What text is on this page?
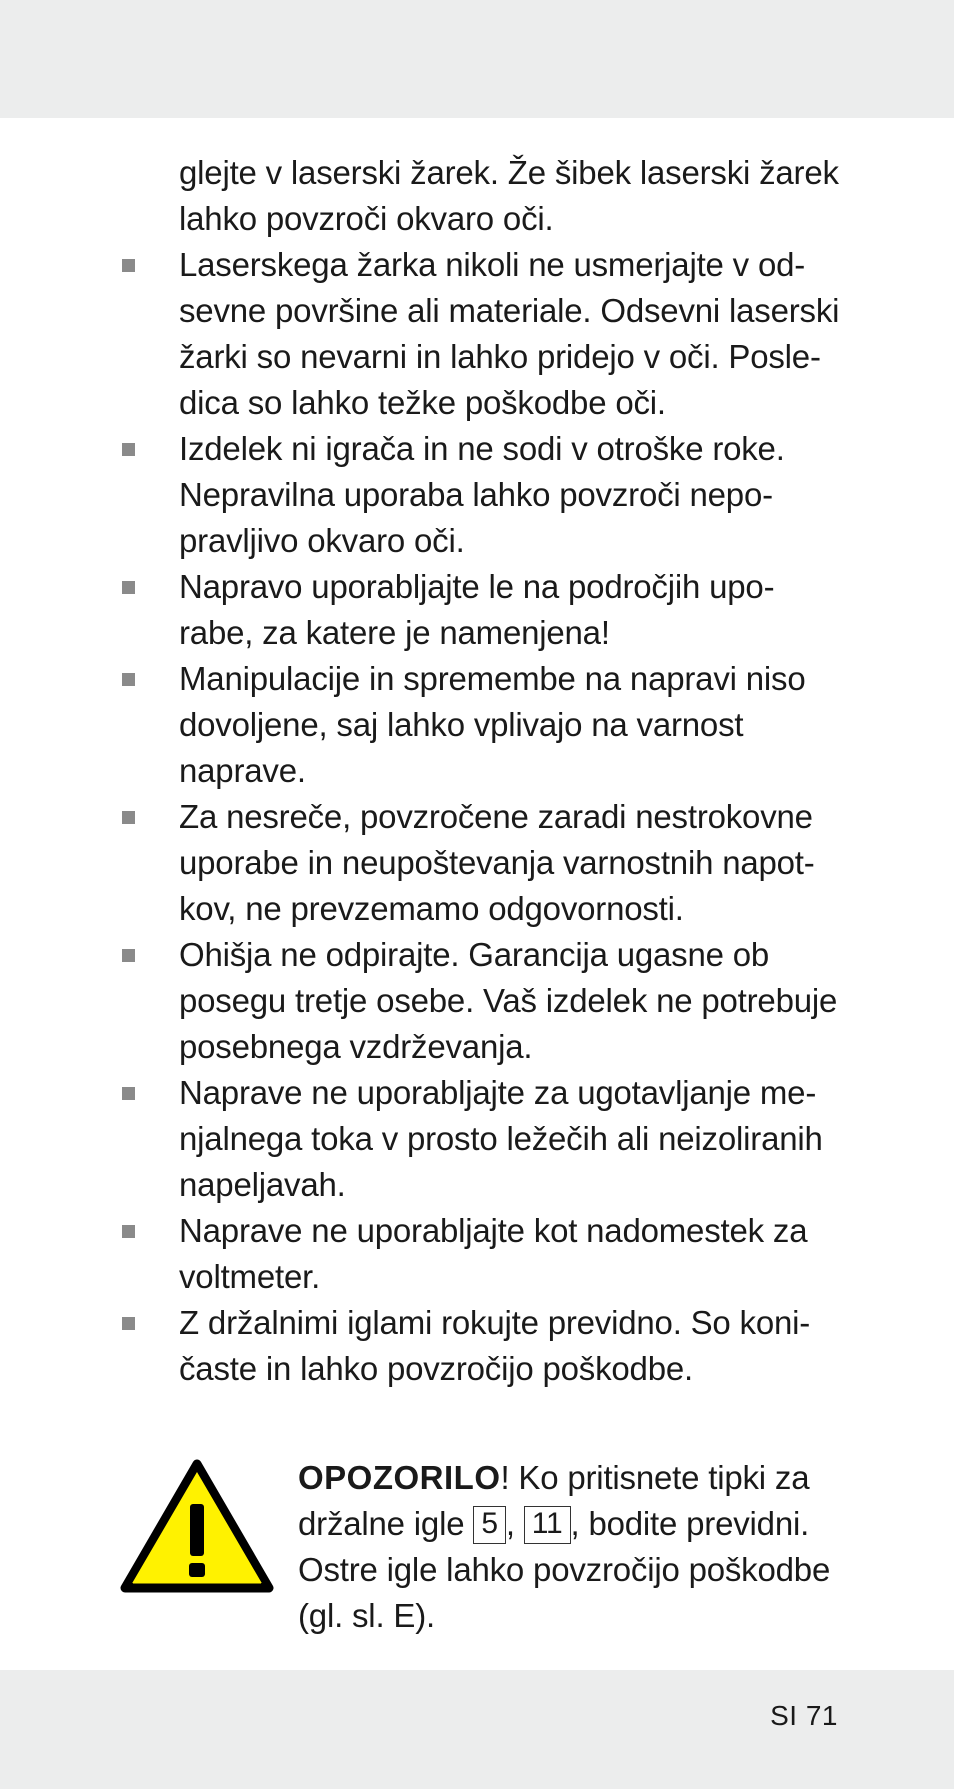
glejte v laserski žarek. Že šibek laserski žarek
lahko povzroči okvaro oči.
Laserskega žarka nikoli ne usmerjajte v od-
sevne površine ali materiale. Odsevni laserski
žarki so nevarni in lahko pridejo v oči. Posle-
dica so lahko težke poškodbe oči.
Izdelek ni igrača in ne sodi v otroške roke.
Nepravilna uporaba lahko povzroči nepo-
pravljivo okvaro oči.
Napravo uporabljajte le na področjih upo-
rabe, za katere je namenjena!
Manipulacije in spremembe na napravi niso
dovoljene, saj lahko vplivajo na varnost
naprave.
Za nesreče, povzročene zaradi nestrokovne
uporabe in neupoštevanja varnostnih napot-
kov, ne prevzemamo odgovornosti.
Ohišja ne odpirajte. Garancija ugasne ob
posegu tretje osebe. Vaš izdelek ne potrebuje
posebnega vzdrževanja.
Naprave ne uporabljajte za ugotavljanje me-
njalnega toka v prosto ležečih ali neizoliranih
napeljavah.
Naprave ne uporabljajte kot nadomestek za
voltmeter.
Z držalnimi iglami rokujte previdno. So koni-
časte in lahko povzročijo poškodbe.
OPOZORILO! Ko pritisnete tipki za
držalne igle 5 , 11 , bodite previdni.
Ostre igle lahko povzročijo poškodbe
(gl. sl. E).
SI 71
